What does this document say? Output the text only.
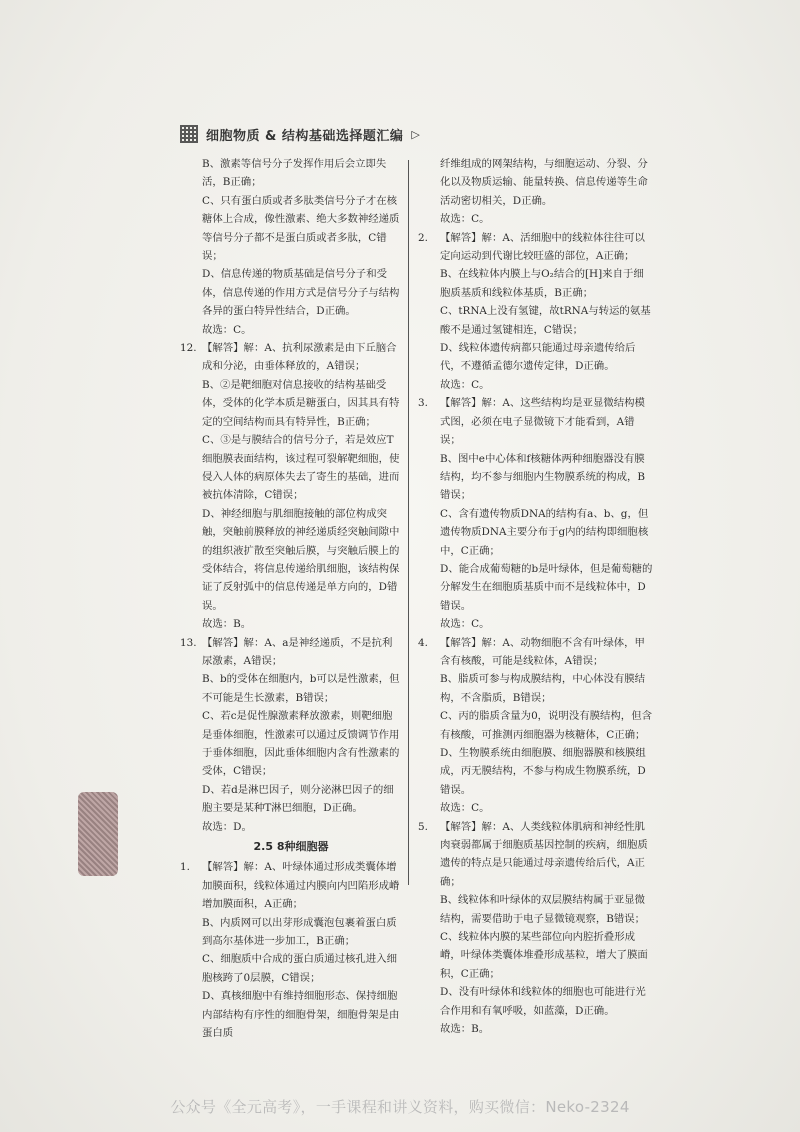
细胞物质 & 结构基础选择题汇编 ▷

B、激素等信号分子发挥作用后会立即失活，B正确；

C、只有蛋白质或者多肽类信号分子才在核糖体上合成，像性激素、绝大多数神经递质等信号分子都不是蛋白质或者多肽，C错误；

D、信息传递的物质基础是信号分子和受体，信息传递的作用方式是信号分子与结构各异的蛋白特异性结合，D正确。

故选：C。

12. 【解答】解：A、抗利尿激素是由下丘脑合成和分泌，由垂体释放的，A错误；

B、②是靶细胞对信息接收的结构基础受体，受体的化学本质是糖蛋白，因其具有特定的空间结构而具有特异性，B正确；

C、③是与膜结合的信号分子，若是效应T细胞膜表面结构，该过程可裂解靶细胞，使侵入人体的病原体失去了寄生的基础，进而被抗体清除，C错误；

D、神经细胞与肌细胞接触的部位构成突触，突触前膜释放的神经递质经突触间隙中的组织液扩散至突触后膜，与突触后膜上的受体结合，将信息传递给肌细胞，该结构保证了反射弧中的信息传递是单方向的，D错误。

故选：B。

13. 【解答】解：A、a是神经递质，不是抗利尿激素，A错误；

B、b的受体在细胞内，b可以是性激素，但不可能是生长激素，B错误；

C、若c是促性腺激素释放激素，则靶细胞是垂体细胞，性激素可以通过反馈调节作用于垂体细胞，因此垂体细胞内含有性激素的受体，C错误；

D、若d是淋巴因子，则分泌淋巴因子的细胞主要是某种T淋巴细胞，D正确。

故选：D。

2.5 8种细胞器

1. 【解答】解：A、叶绿体通过形成类囊体增加膜面积，线粒体通过内膜向内凹陷形成嵴增加膜面积，A正确；

B、内质网可以出芽形成囊泡包裹着蛋白质到高尔基体进一步加工，B正确；

C、细胞质中合成的蛋白质通过核孔进入细胞核跨了0层膜，C错误；

D、真核细胞中有维持细胞形态、保持细胞内部结构有序性的细胞骨架，细胞骨架是由蛋白质

纤维组成的网架结构，与细胞运动、分裂、分化以及物质运输、能量转换、信息传递等生命活动密切相关，D正确。

故选：C。

2. 【解答】解：A、活细胞中的线粒体往往可以定向运动到代谢比较旺盛的部位，A正确；

B、在线粒体内膜上与O₂结合的[H]来自于细胞质基质和线粒体基质，B正确；

C、tRNA上没有氢键，故tRNA与转运的氨基酸不是通过氢键相连，C错误；

D、线粒体遗传病都只能通过母亲遗传给后代，不遵循孟德尔遗传定律，D正确。

故选：C。

3. 【解答】解：A、这些结构均是亚显微结构模式图，必须在电子显微镜下才能看到，A错误；

B、图中e中心体和f核糖体两种细胞器没有膜结构，均不参与细胞内生物膜系统的构成，B错误；

C、含有遗传物质DNA的结构有a、b、g，但遗传物质DNA主要分布于g内的结构即细胞核中，C正确；

D、能合成葡萄糖的b是叶绿体，但是葡萄糖的分解发生在细胞质基质中而不是线粒体中，D错误。

故选：C。

4. 【解答】解：A、动物细胞不含有叶绿体，甲含有核酸，可能是线粒体，A错误；

B、脂质可参与构成膜结构，中心体没有膜结构，不含脂质，B错误；

C、丙的脂质含量为0，说明没有膜结构，但含有核酸，可推测丙细胞器为核糖体，C正确；

D、生物膜系统由细胞膜、细胞器膜和核膜组成，丙无膜结构，不参与构成生物膜系统，D错误。

故选：C。

5. 【解答】解：A、人类线粒体肌病和神经性肌肉衰弱都属于细胞质基因控制的疾病，细胞质遗传的特点是只能通过母亲遗传给后代，A正确；

B、线粒体和叶绿体的双层膜结构属于亚显微结构，需要借助于电子显微镜观察，B错误；

C、线粒体内膜的某些部位向内腔折叠形成嵴，叶绿体类囊体堆叠形成基粒，增大了膜面积，C正确；

D、没有叶绿体和线粒体的细胞也可能进行光合作用和有氧呼吸，如蓝藻，D正确。

故选：B。

公众号《全元高考》，一手课程和讲义资料，购买微信：Neko-2324
